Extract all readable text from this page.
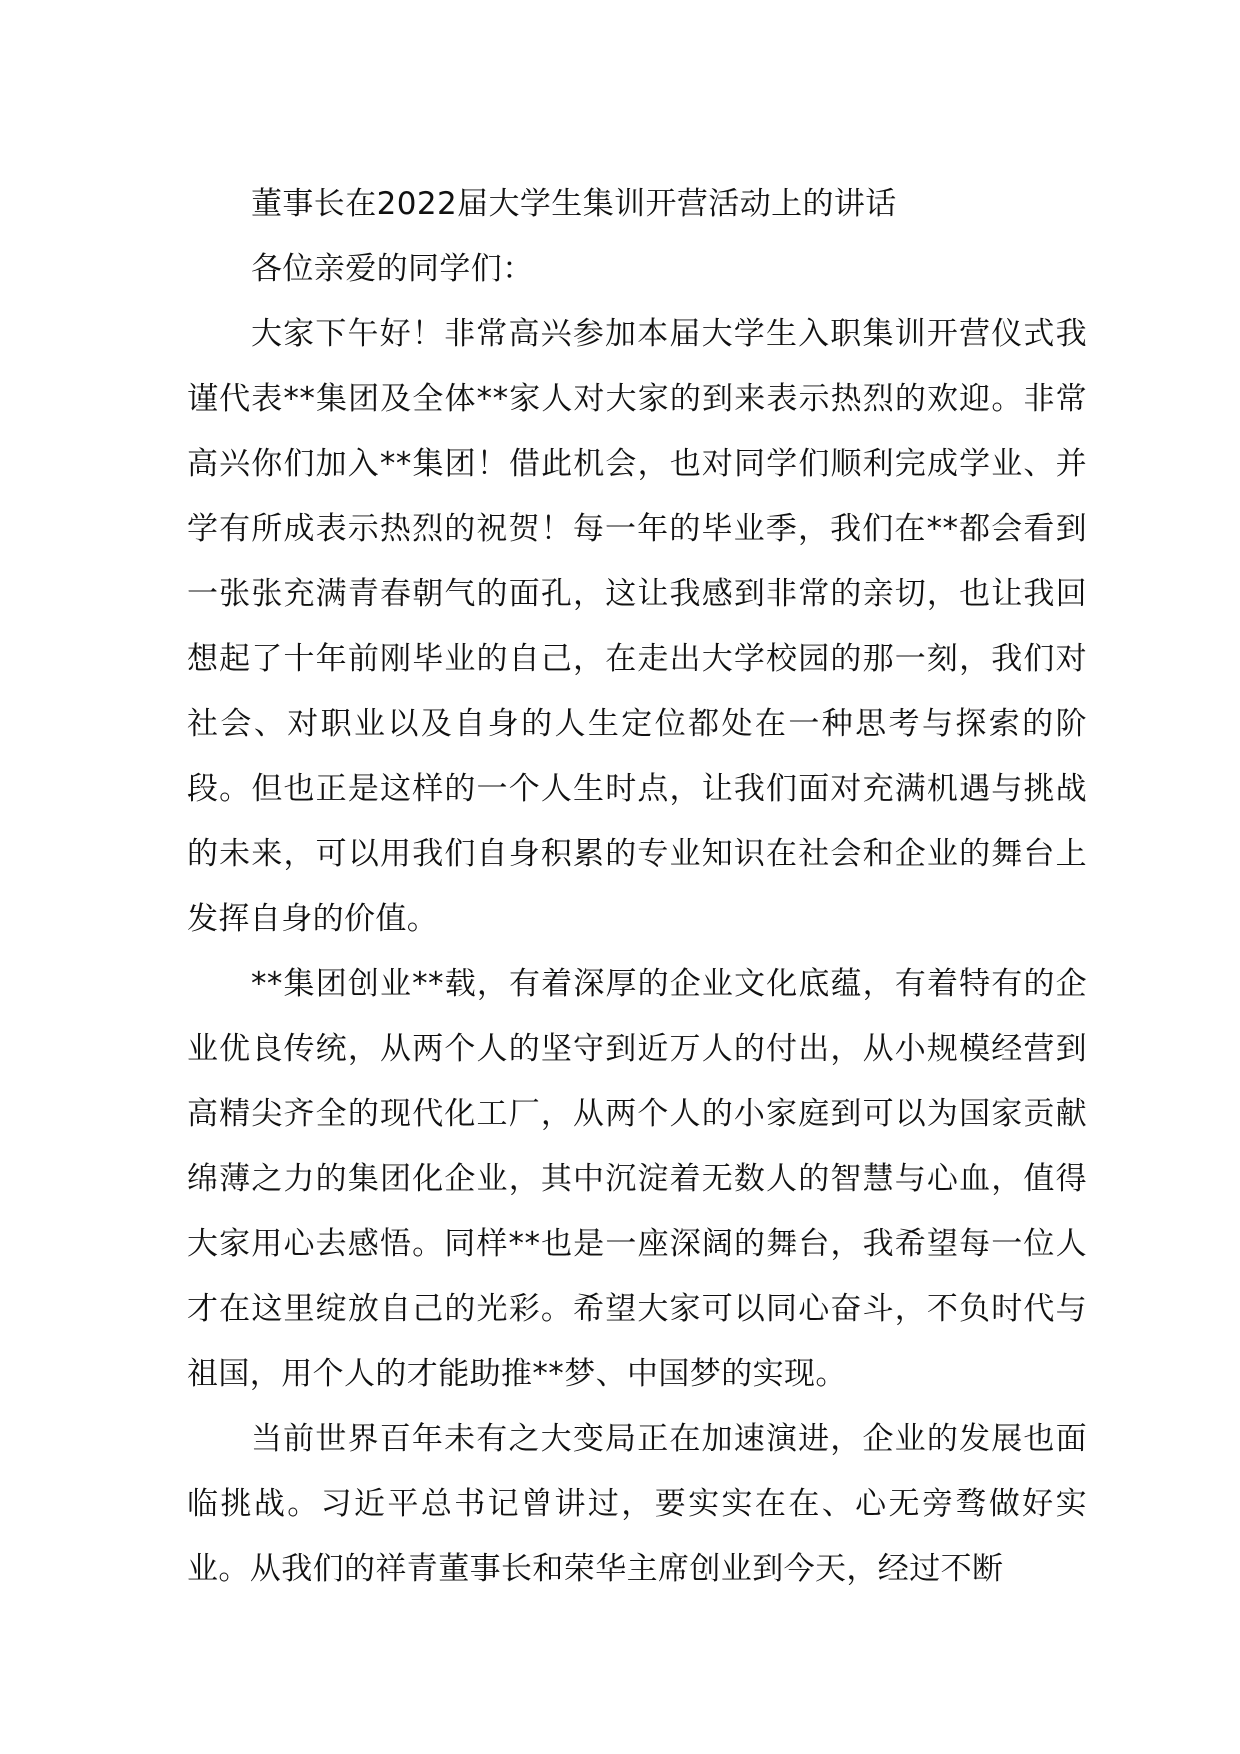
董事长在2022届大学生集训开营活动上的讲话

各位亲爱的同学们：

大家下午好！非常高兴参加本届大学生入职集训开营仪式我谨代表**集团及全体**家人对大家的到来表示热烈的欢迎。非常高兴你们加入**集团！借此机会，也对同学们顺利完成学业、并学有所成表示热烈的祝贺！每一年的毕业季，我们在**都会看到一张张充满青春朝气的面孔，这让我感到非常的亲切，也让我回想起了十年前刚毕业的自己，在走出大学校园的那一刻，我们对社会、对职业以及自身的人生定位都处在一种思考与探索的阶段。但也正是这样的一个人生时点，让我们面对充满机遇与挑战的未来，可以用我们自身积累的专业知识在社会和企业的舞台上发挥自身的价值。

**集团创业**载，有着深厚的企业文化底蕴，有着特有的企业优良传统，从两个人的坚守到近万人的付出，从小规模经营到高精尖齐全的现代化工厂，从两个人的小家庭到可以为国家贡献绵薄之力的集团化企业，其中沉淀着无数人的智慧与心血，值得大家用心去感悟。同样**也是一座深阔的舞台，我希望每一位人才在这里绽放自己的光彩。希望大家可以同心奋斗，不负时代与祖国，用个人的才能助推**梦、中国梦的实现。

当前世界百年未有之大变局正在加速演进，企业的发展也面临挑战。习近平总书记曾讲过，要实实在在、心无旁骛做好实业。从我们的祥青董事长和荣华主席创业到今天，经过不断
